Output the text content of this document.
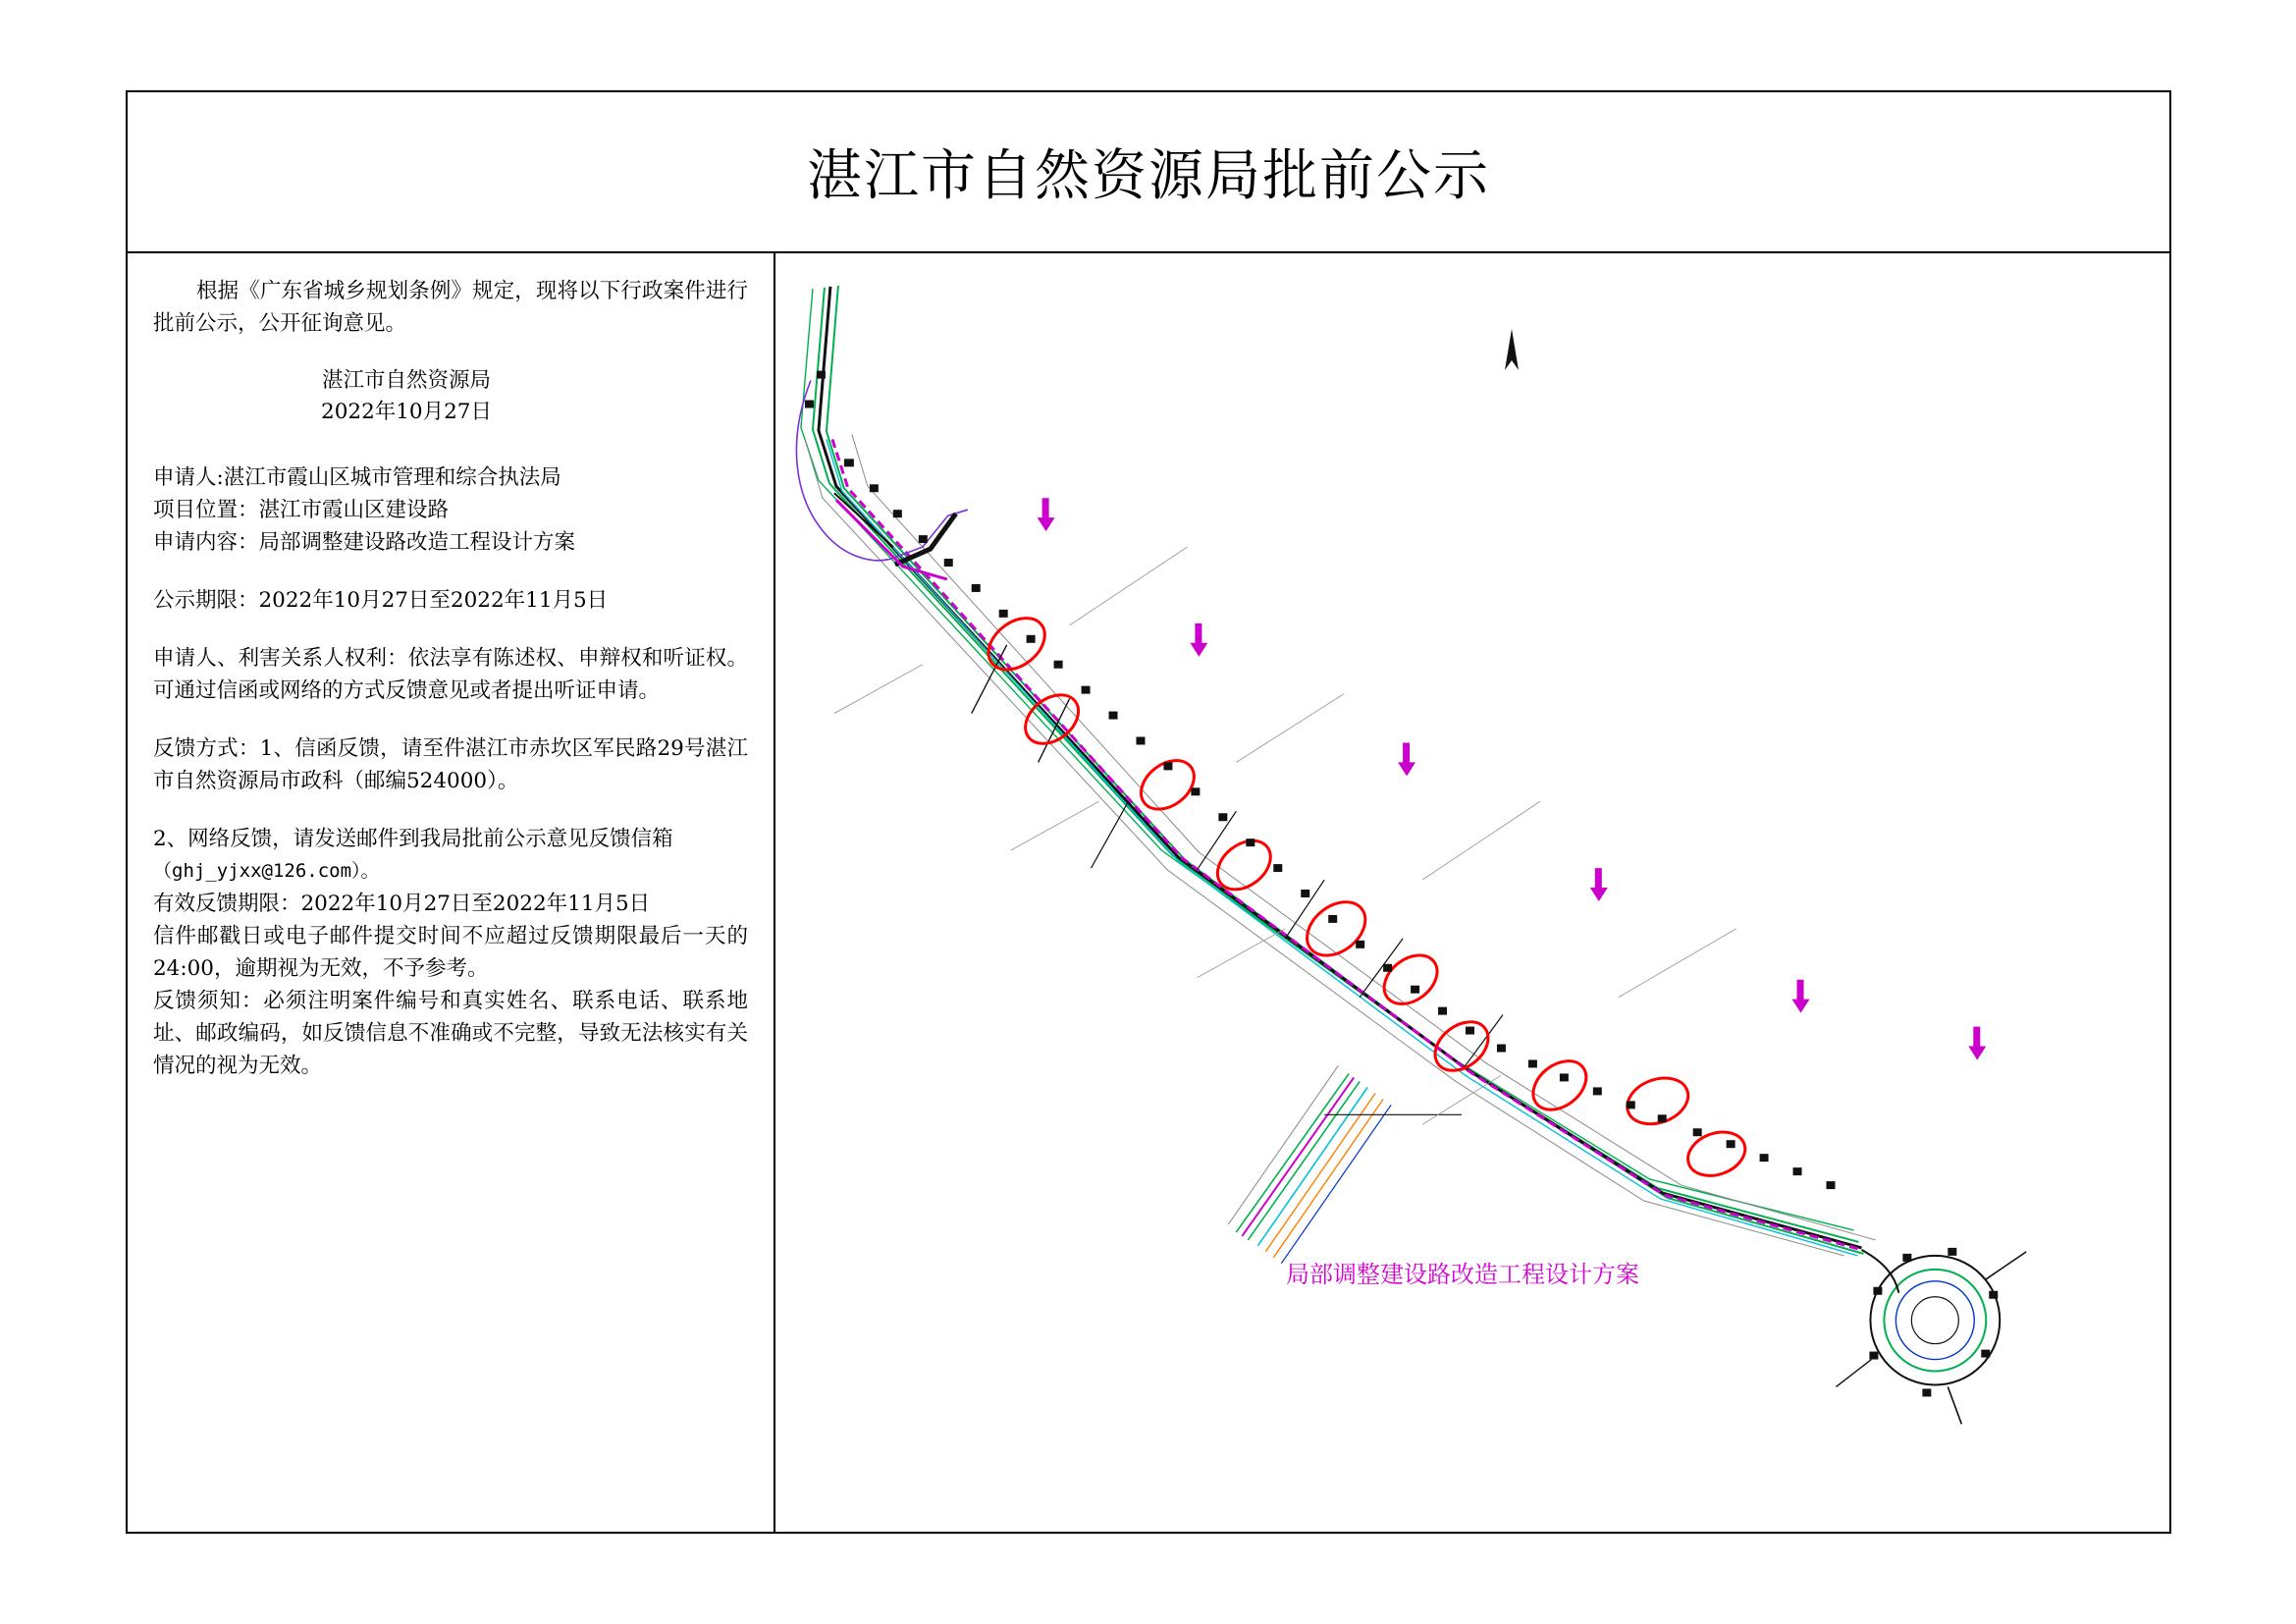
湛江市自然资源局批前公示
根据《广东省城乡规划条例》规定，现将以下行政案件进行批前公示，公开征询意见。
湛江市自然资源局
2022年10月27日
申请人:湛江市霞山区城市管理和综合执法局
项目位置：湛江市霞山区建设路
申请内容：局部调整建设路改造工程设计方案
公示期限：2022年10月27日至2022年11月5日
申请人、利害关系人权利：依法享有陈述权、申辩权和听证权。可通过信函或网络的方式反馈意见或者提出听证申请。
反馈方式：1、信函反馈，请至件湛江市赤坎区军民路29号湛江市自然资源局市政科（邮编524000）。
2、网络反馈，请发送邮件到我局批前公示意见反馈信箱
（ghj_yjxx@126.com）。
有效反馈期限：2022年10月27日至2022年11月5日
信件邮戳日或电子邮件提交时间不应超过反馈期限最后一天的24:00，逾期视为无效，不予参考。
反馈须知：必须注明案件编号和真实姓名、联系电话、联系地址、邮政编码，如反馈信息不准确或不完整，导致无法核实有关情况的视为无效。
局部调整建设路改造工程设计方案
